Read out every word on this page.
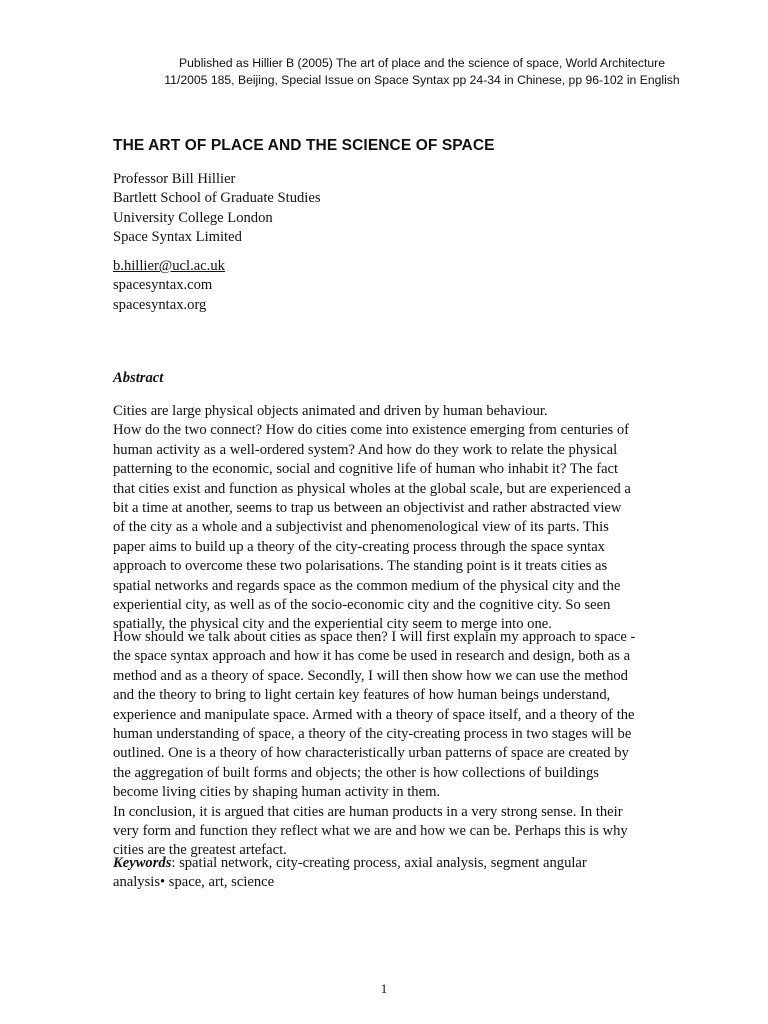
Published as Hillier B (2005) The art of place and the science of space, World Architecture
11/2005 185, Beijing, Special Issue on Space Syntax pp 24-34 in Chinese, pp 96-102 in English
THE ART OF PLACE AND THE SCIENCE OF SPACE
Professor Bill Hillier
Bartlett School of Graduate Studies
University College London
Space Syntax Limited
b.hillier@ucl.ac.uk
spacesyntax.com
spacesyntax.org
Abstract
Cities are large physical objects animated and driven by human behaviour.
How do the two connect? How do cities come into existence emerging from centuries of
human activity as a well-ordered system? And how do they work to relate the physical
patterning to the economic, social and cognitive life of human who inhabit it? The fact
that cities exist and function as physical wholes at the global scale, but are experienced a
bit a time at another, seems to trap us between an objectivist and rather abstracted view
of the city as a whole and a subjectivist and phenomenological view of its parts. This
paper aims to build up a theory of the city-creating process through the space syntax
approach to overcome these two polarisations. The standing point is it treats cities as
spatial networks and regards space as the common medium of the physical city and the
experiential city, as well as of the socio-economic city and the cognitive city. So seen
spatially, the physical city and the experiential city seem to merge into one.
How should we talk about cities as space then? I will first explain my approach to space -
the space syntax approach and how it has come be used in research and design, both as a
method and as a theory of space. Secondly, I will then show how we can use the method
and the theory to bring to light certain key features of how human beings understand,
experience and manipulate space. Armed with a theory of space itself, and a theory of the
human understanding of space, a theory of the city-creating process in two stages will be
outlined. One is a theory of how characteristically urban patterns of space are created by
the aggregation of built forms and objects; the other is how collections of buildings
become living cities by shaping human activity in them.
In conclusion, it is argued that cities are human products in a very strong sense. In their
very form and function they reflect what we are and how we can be. Perhaps this is why
cities are the greatest artefact.
Keywords: spatial network, city-creating process, axial analysis, segment angular
analysis• space, art, science
1
